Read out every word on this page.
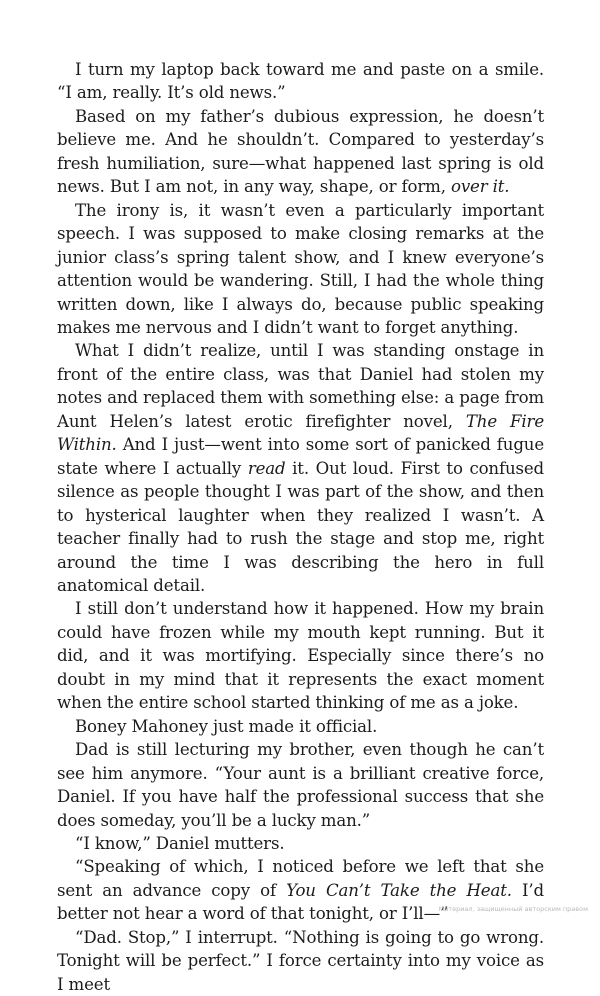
I turn my laptop back toward me and paste on a smile. “I am, really. It’s old news.”

Based on my father’s dubious expression, he doesn’t believe me. And he shouldn’t. Compared to yesterday’s fresh humiliation, sure—what happened last spring is old news. But I am not, in any way, shape, or form, over it.

The irony is, it wasn’t even a particularly important speech. I was supposed to make closing remarks at the junior class’s spring talent show, and I knew everyone’s attention would be wandering. Still, I had the whole thing written down, like I always do, because public speaking makes me nervous and I didn’t want to forget anything.

What I didn’t realize, until I was standing onstage in front of the entire class, was that Daniel had stolen my notes and replaced them with something else: a page from Aunt Helen’s latest erotic firefighter novel, The Fire Within. And I just—went into some sort of panicked fugue state where I actually read it. Out loud. First to confused silence as people thought I was part of the show, and then to hysterical laughter when they realized I wasn’t. A teacher finally had to rush the stage and stop me, right around the time I was describing the hero in full anatomical detail.

I still don’t understand how it happened. How my brain could have frozen while my mouth kept running. But it did, and it was mortifying. Especially since there’s no doubt in my mind that it represents the exact moment when the entire school started thinking of me as a joke.

Boney Mahoney just made it official.

Dad is still lecturing my brother, even though he can’t see him anymore. “Your aunt is a brilliant creative force, Daniel. If you have half the professional success that she does someday, you’ll be a lucky man.”

“I know,” Daniel mutters.

“Speaking of which, I noticed before we left that she sent an advance copy of You Can’t Take the Heat. I’d better not hear a word of that tonight, or I’ll—”

“Dad. Stop,” I interrupt. “Nothing is going to go wrong. Tonight will be perfect.” I force certainty into my voice as I meet

Материал, защищенный авторским правом
